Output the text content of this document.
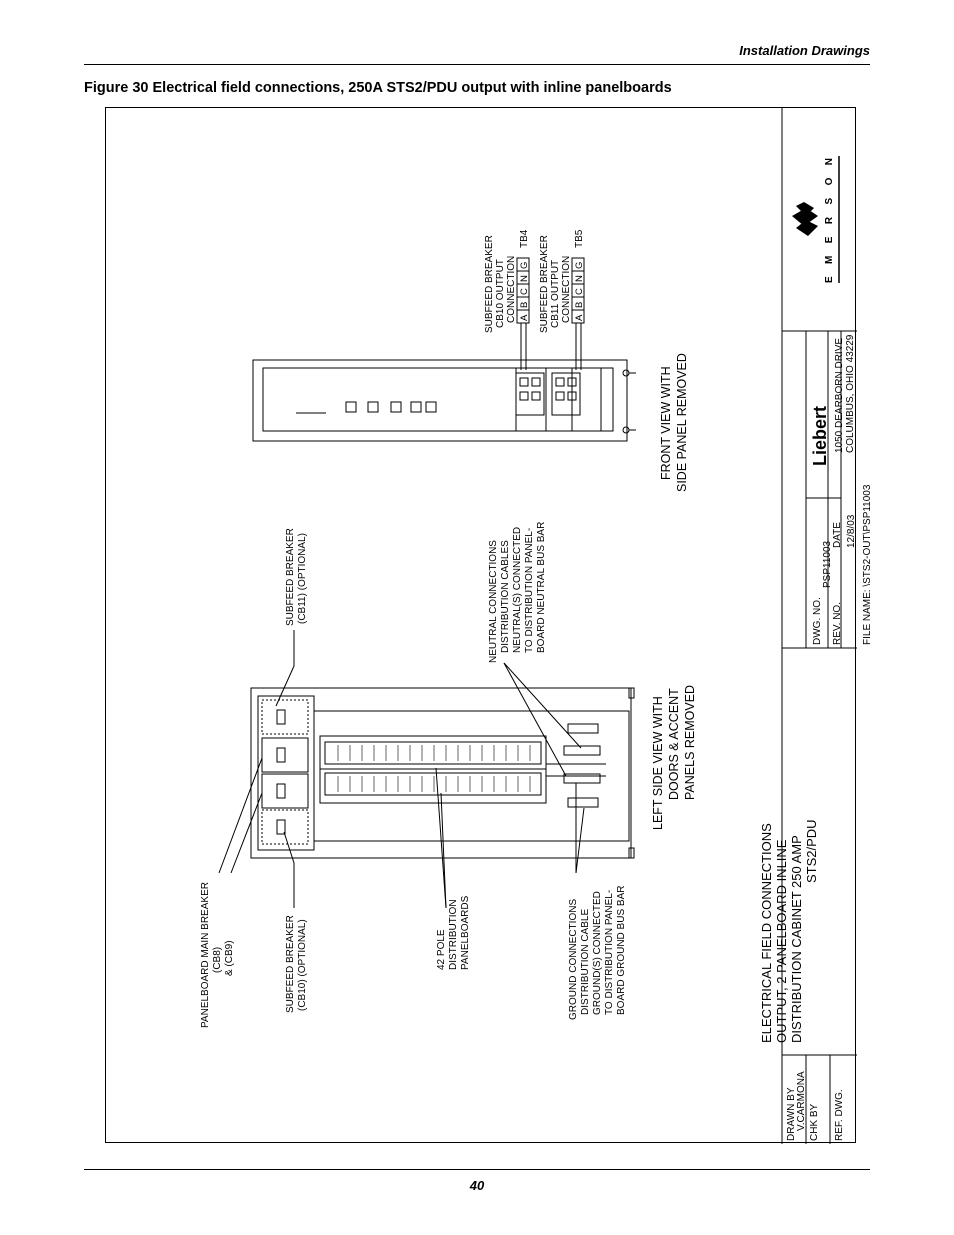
Installation Drawings
Figure 30 Electrical field connections, 250A STS2/PDU output with inline panelboards
EMERSON
Liebert 1050 DEARBORN DRIVE COLUMBUS, OHIO 43229
DWG. NO.
PSP11003
REV. NO.
DATE 12/8/03 FILE NAME: \STS2-OUT\PSP11003
ELECTRICAL FIELD CONNECTIONS OUTPUT, 2 PANELBOARD INLINE DISTRIBUTION CABINET 250 AMP STS2/PDU
DRAWN BY V.CARMONA CHK BY REF. DWG.
SUBFEED BREAKER CB10 OUTPUT CONNECTION
TB4
A
B
C
N
G SUBFEED BREAKER CB11 OUTPUT CONNECTION
TB5
A
B
C
N
G
FRONT VIEW WITH SIDE PANEL REMOVED
LEFT SIDE VIEW WITH DOORS & ACCENT PANELS REMOVED
SUBFEED BREAKER (CB11) (OPTIONAL)	NEUTRAL CONNECTIONS DISTRIBUTION CABLES NEUTRAL(S) CONNECTED TO DISTRIBUTION PANEL- BOARD NEUTRAL BUS BAR
PANELBOARD MAIN BREAKER (CB8) & (CB9)	SUBFEED BREAKER (CB10) (OPTIONAL)	42 POLE DISTRIBUTION PANELBOARDS	GROUND CONNECTIONS DISTRIBUTION CABLE GROUND(S) CONNECTED TO DISTRIBUTION PANEL- BOARD GROUND BUS BAR
40
